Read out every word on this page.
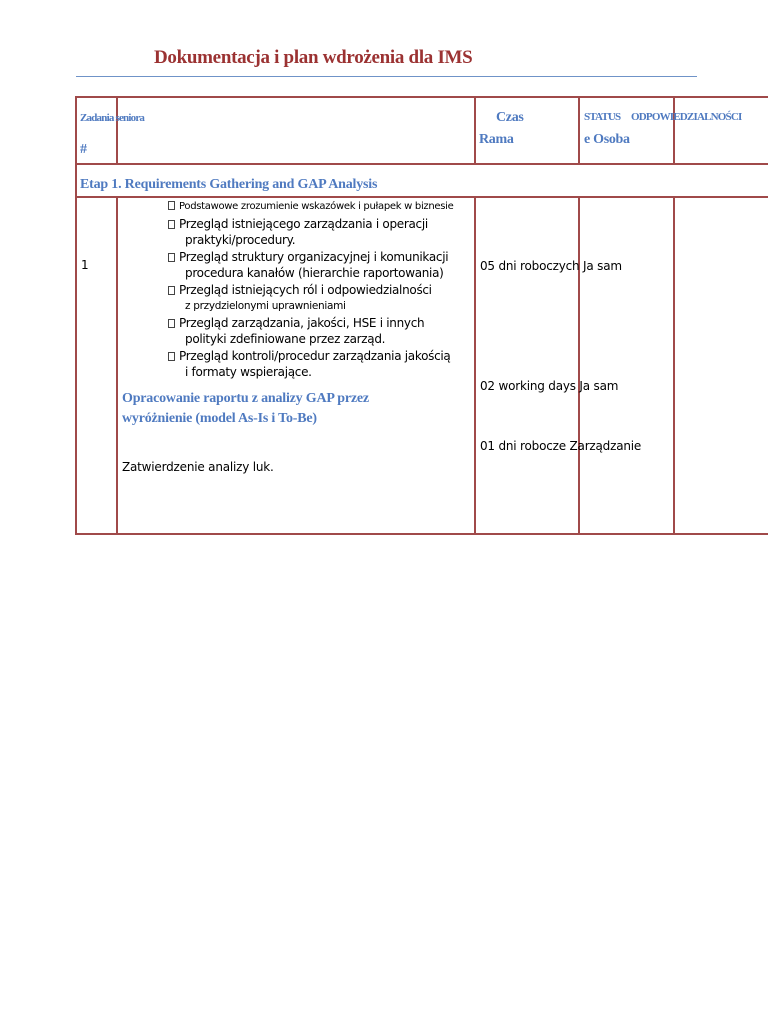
Dokumentacja i plan wdrożenia dla IMS
Zadania seniora
#
Czas
Rama
STATUS ODPOWIEDZIALNOŚCI
e Osoba
Etap 1. Requirements Gathering and GAP Analysis
1
Podstawowe zrozumienie wskazówek i pułapek w biznesie
Przegląd istniejącego zarządzania i operacji
praktyki/procedury.
Przegląd struktury organizacyjnej i komunikacji
procedura kanałów (hierarchie raportowania)
Przegląd istniejących ról i odpowiedzialności
z przydzielonymi uprawnieniami
Przegląd zarządzania, jakości, HSE i innych
polityki zdefiniowane przez zarząd.
Przegląd kontroli/procedur zarządzania jakością
i formaty wspierające.
Opracowanie raportu z analizy GAP przez
wyróżnienie (model As-Is i To-Be)
Zatwierdzenie analizy luk.
05 dni roboczych Ja sam
02 working days Ja sam
01 dni robocze Zarządzanie
